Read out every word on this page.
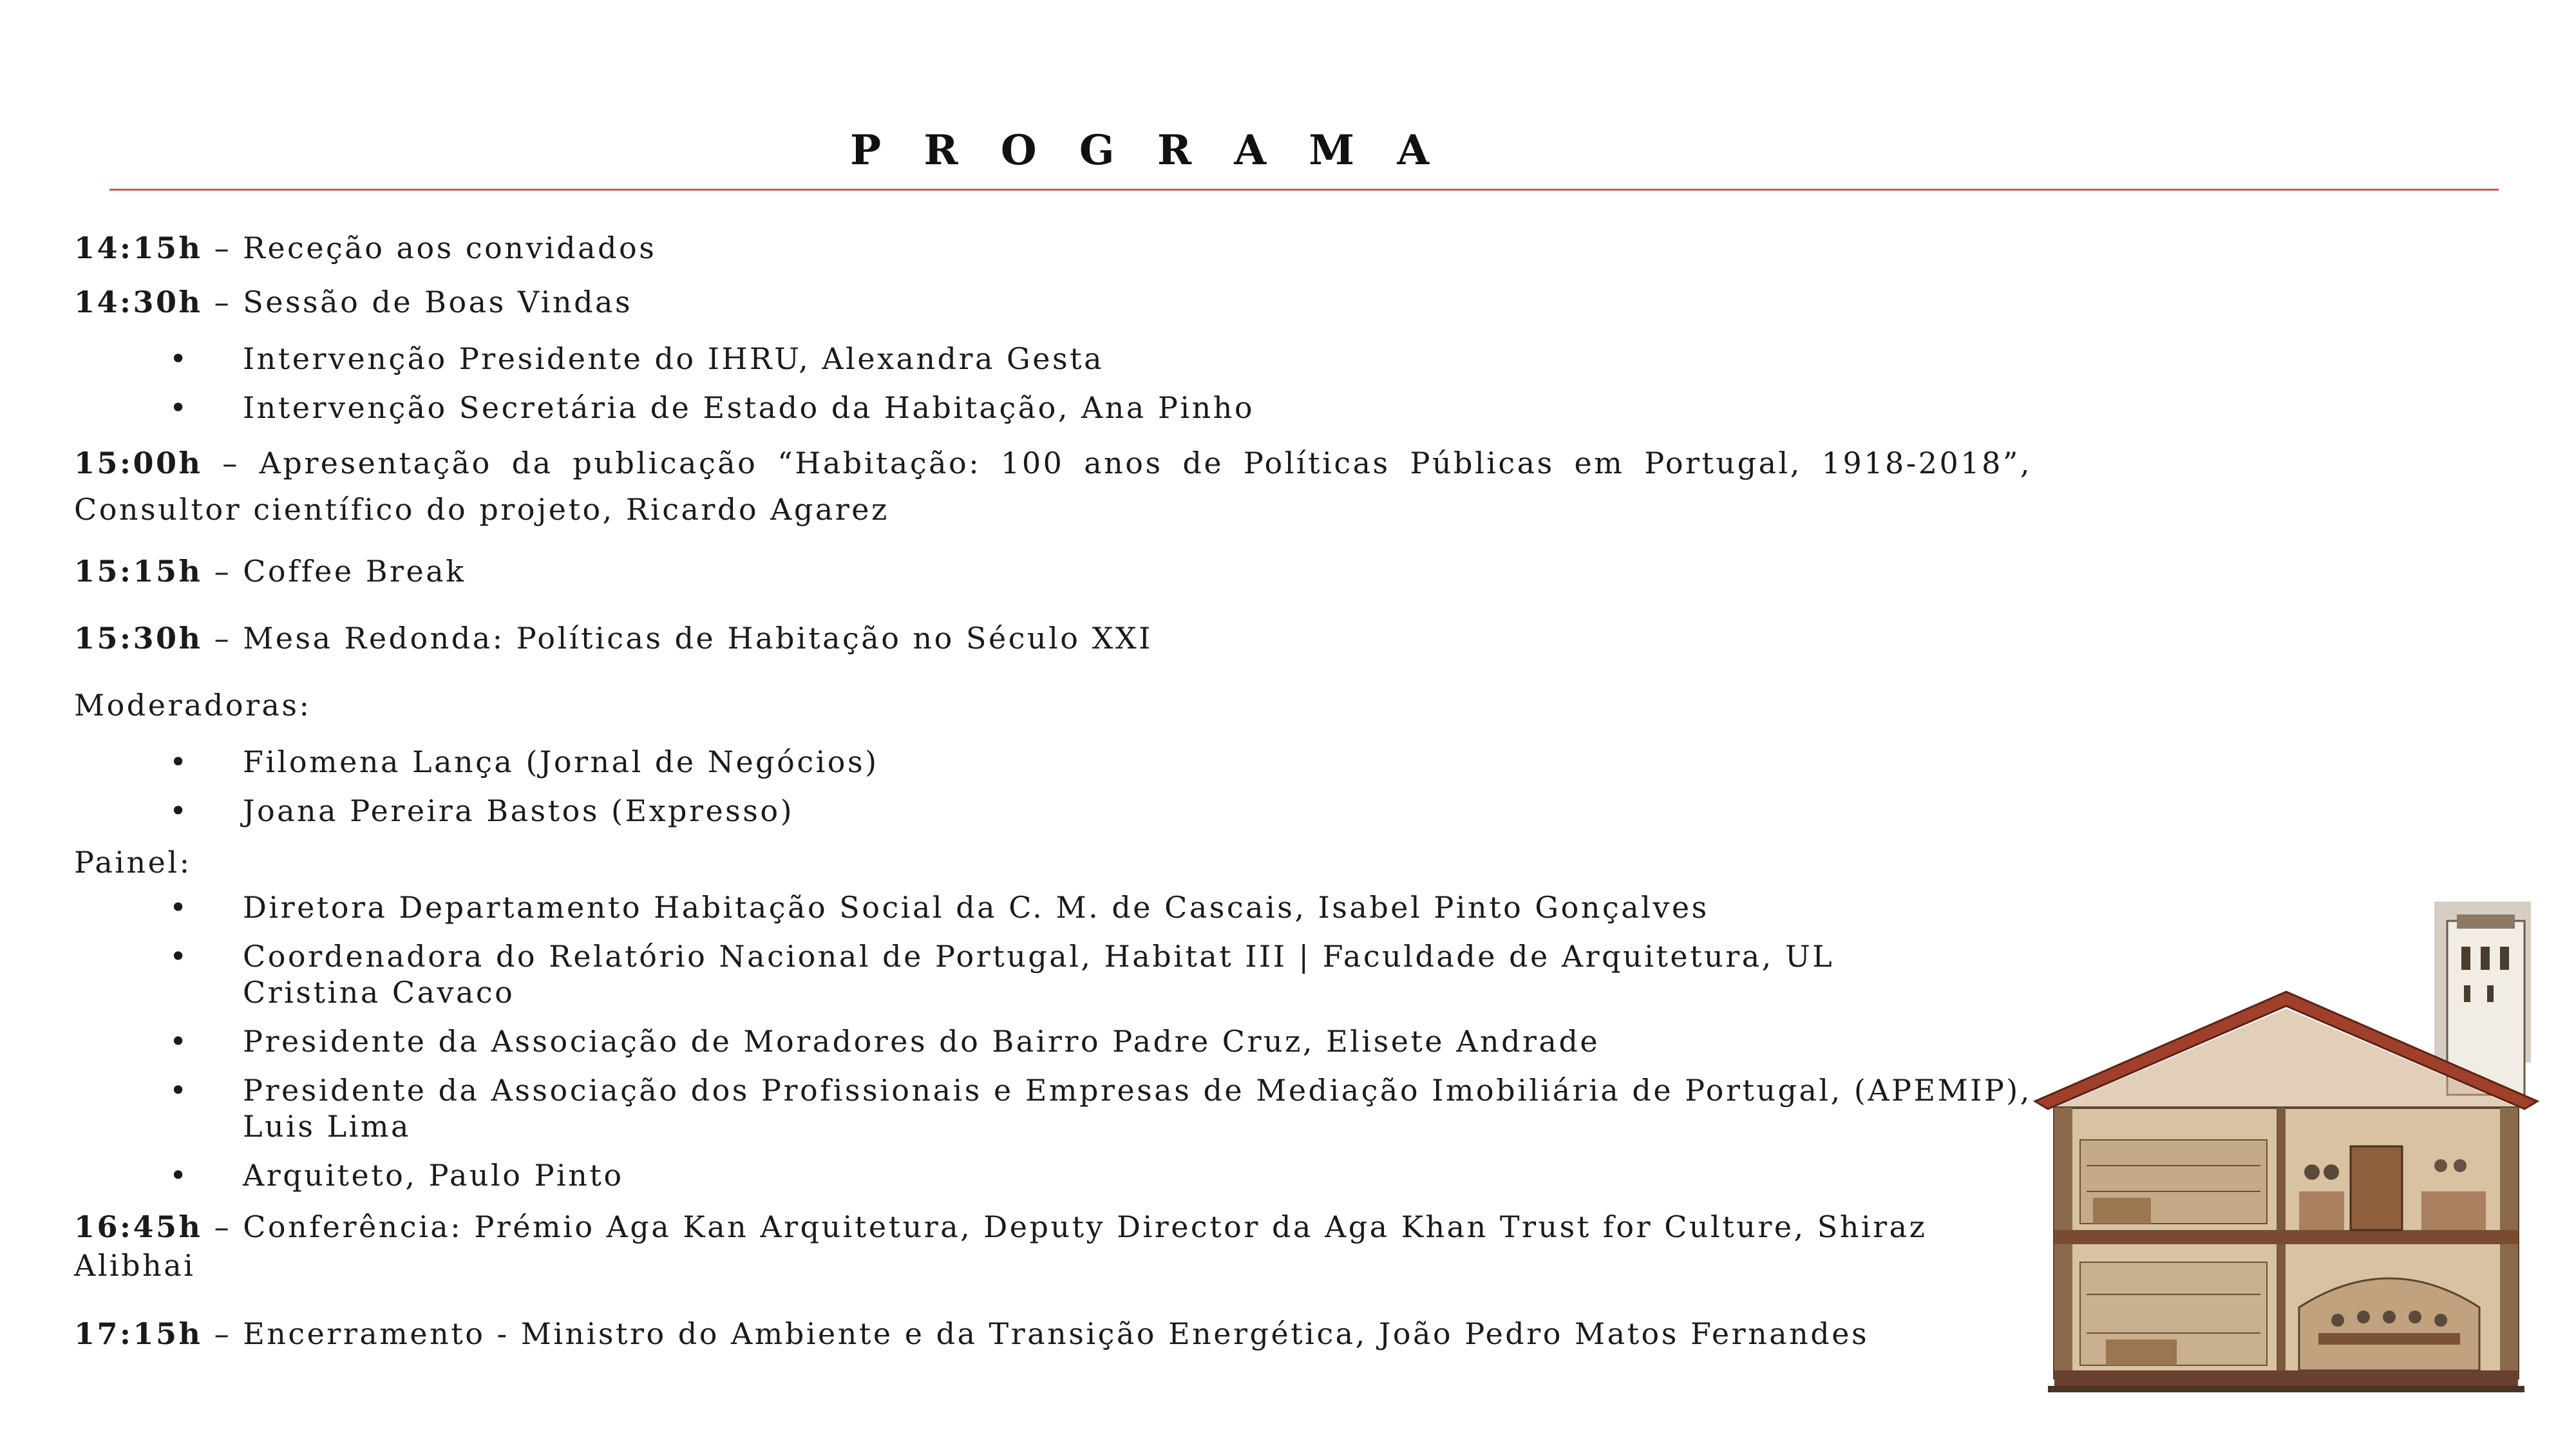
P R O G R A M A
14:15h – Receção aos convidados
14:30h – Sessão de Boas Vindas
• Intervenção Presidente do IHRU, Alexandra Gesta
• Intervenção Secretária de Estado da Habitação, Ana Pinho
15:00h – Apresentação da publicação “Habitação: 100 anos de Políticas Públicas em Portugal, 1918-2018”, Consultor científico do projeto, Ricardo Agarez
15:15h – Coffee Break
15:30h – Mesa Redonda: Políticas de Habitação no Século XXI
Moderadoras:
• Filomena Lança (Jornal de Negócios)
• Joana Pereira Bastos (Expresso)
Painel:
• Diretora Departamento Habitação Social da C. M. de Cascais, Isabel Pinto Gonçalves
• Coordenadora do Relatório Nacional de Portugal, Habitat III | Faculdade de Arquitetura, UL
Cristina Cavaco
• Presidente da Associação de Moradores do Bairro Padre Cruz, Elisete Andrade
• Presidente da Associação dos Profissionais e Empresas de Mediação Imobiliária de Portugal, (APEMIP),
Luis Lima
• Arquiteto, Paulo Pinto
16:45h – Conferência: Prémio Aga Kan Arquitetura, Deputy Director da Aga Khan Trust for Culture, Shiraz Alibhai
17:15h – Encerramento - Ministro do Ambiente e da Transição Energética, João Pedro Matos Fernandes
